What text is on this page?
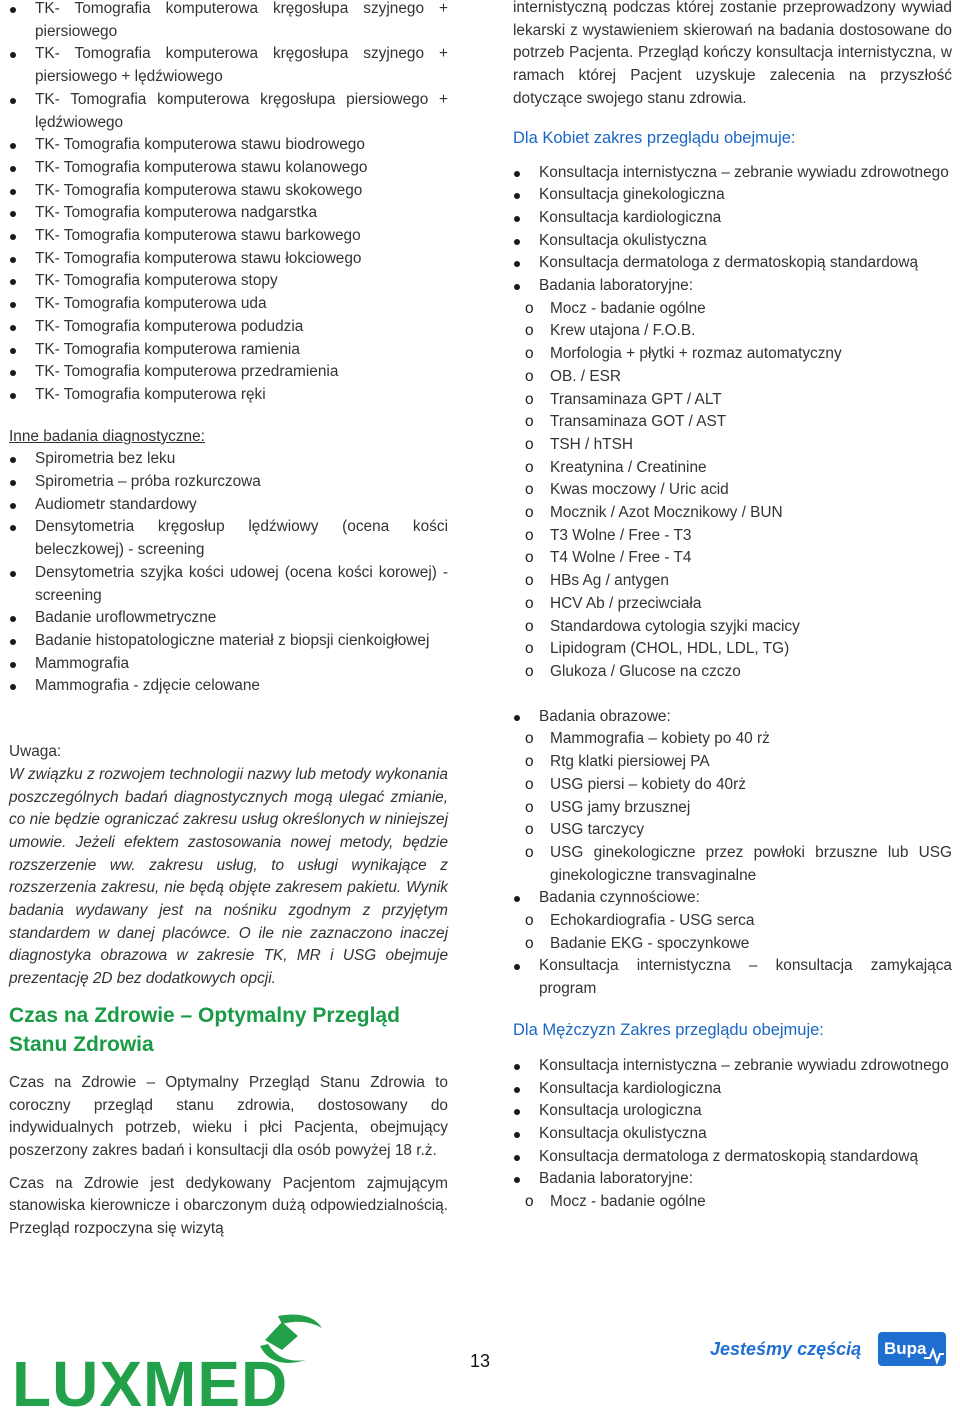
TK- Tomografia komputerowa kręgosłupa szyjnego + piersiowego
TK- Tomografia komputerowa kręgosłupa szyjnego + piersiowego + lędźwiowego
TK- Tomografia komputerowa kręgosłupa piersiowego + lędźwiowego
TK- Tomografia komputerowa stawu biodrowego
TK- Tomografia komputerowa stawu kolanowego
TK- Tomografia komputerowa stawu skokowego
TK- Tomografia komputerowa nadgarstka
TK- Tomografia komputerowa stawu barkowego
TK- Tomografia komputerowa stawu łokciowego
TK- Tomografia komputerowa stopy
TK- Tomografia komputerowa uda
TK- Tomografia komputerowa podudzia
TK- Tomografia komputerowa ramienia
TK- Tomografia komputerowa przedramienia
TK- Tomografia komputerowa ręki
Inne badania diagnostyczne:
Spirometria bez leku
Spirometria – próba rozkurczowa
Audiometr standardowy
Densytometria kręgosłup lędźwiowy (ocena kości beleczkowej) - screening
Densytometria szyjka kości udowej (ocena kości korowej) - screening
Badanie uroflowmetryczne
Badanie histopatologiczne materiał z biopsji cienkoigłowej
Mammografia
Mammografia - zdjęcie celowane
Uwaga:
W związku z rozwojem technologii nazwy lub metody wykonania poszczególnych badań diagnostycznych mogą ulegać zmianie, co nie będzie ograniczać zakresu usług określonych w niniejszej umowie. Jeżeli efektem zastosowania nowej metody, będzie rozszerzenie ww. zakresu usług, to usługi wynikające z rozszerzenia zakresu, nie będą objęte zakresem pakietu. Wynik badania wydawany jest na nośniku zgodnym z przyjętym standardem w danej placówce. O ile nie zaznaczono inaczej diagnostyka obrazowa w zakresie TK, MR i USG obejmuje prezentację 2D bez dodatkowych opcji.
Czas na Zdrowie – Optymalny Przegląd Stanu Zdrowia
Czas na Zdrowie – Optymalny Przegląd Stanu Zdrowia to coroczny przegląd stanu zdrowia, dostosowany do indywidualnych potrzeb, wieku i płci Pacjenta, obejmujący poszerzony zakres badań i konsultacji dla osób powyżej 18 r.ż.
Czas na Zdrowie jest dedykowany Pacjentom zajmującym stanowiska kierownicze i obarczonym dużą odpowiedzialnością. Przegląd rozpoczyna się wizytą
internistyczną podczas której zostanie przeprowadzony wywiad lekarski z wystawieniem skierowań na badania dostosowane do potrzeb Pacjenta. Przegląd kończy konsultacja internistyczna, w ramach której Pacjent uzyskuje zalecenia na przyszłość dotyczące swojego stanu zdrowia.
Dla Kobiet zakres przeglądu obejmuje:
Konsultacja internistyczna – zebranie wywiadu zdrowotnego
Konsultacja ginekologiczna
Konsultacja kardiologiczna
Konsultacja okulistyczna
Konsultacja dermatologa z dermatoskopią standardową
Badania laboratoryjne:
o Mocz - badanie ogólne
o Krew utajona / F.O.B.
o Morfologia + płytki + rozmaz automatyczny
o OB. / ESR
o Transaminaza GPT / ALT
o Transaminaza GOT / AST
o TSH / hTSH
o Kreatynina / Creatinine
o Kwas moczowy / Uric acid
o Mocznik / Azot Mocznikowy / BUN
o T3 Wolne / Free - T3
o T4 Wolne / Free - T4
o HBs Ag / antygen
o HCV Ab / przeciwciała
o Standardowa cytologia szyjki macicy
o Lipidogram (CHOL, HDL, LDL, TG)
o Glukoza / Glucose na czczo
Badania obrazowe:
o Mammografia – kobiety po 40 rż
o Rtg klatki piersiowej PA
o USG piersi – kobiety do 40rż
o USG jamy brzusznej
o USG tarczycy
o USG ginekologiczne przez powłoki brzuszne lub USG ginekologiczne transvaginalne
Badania czynnościowe:
o Echokardiografia - USG serca
o Badanie EKG - spoczynkowe
Konsultacja internistyczna – konsultacja zamykająca program
Dla Mężczyzn Zakres przeglądu obejmuje:
Konsultacja internistyczna – zebranie wywiadu zdrowotnego
Konsultacja kardiologiczna
Konsultacja urologiczna
Konsultacja okulistyczna
Konsultacja dermatologa z dermatoskopią standardową
Badania laboratoryjne:
o Mocz - badanie ogólne
LUXMED	13
Jesteśmy częścią Bupa
